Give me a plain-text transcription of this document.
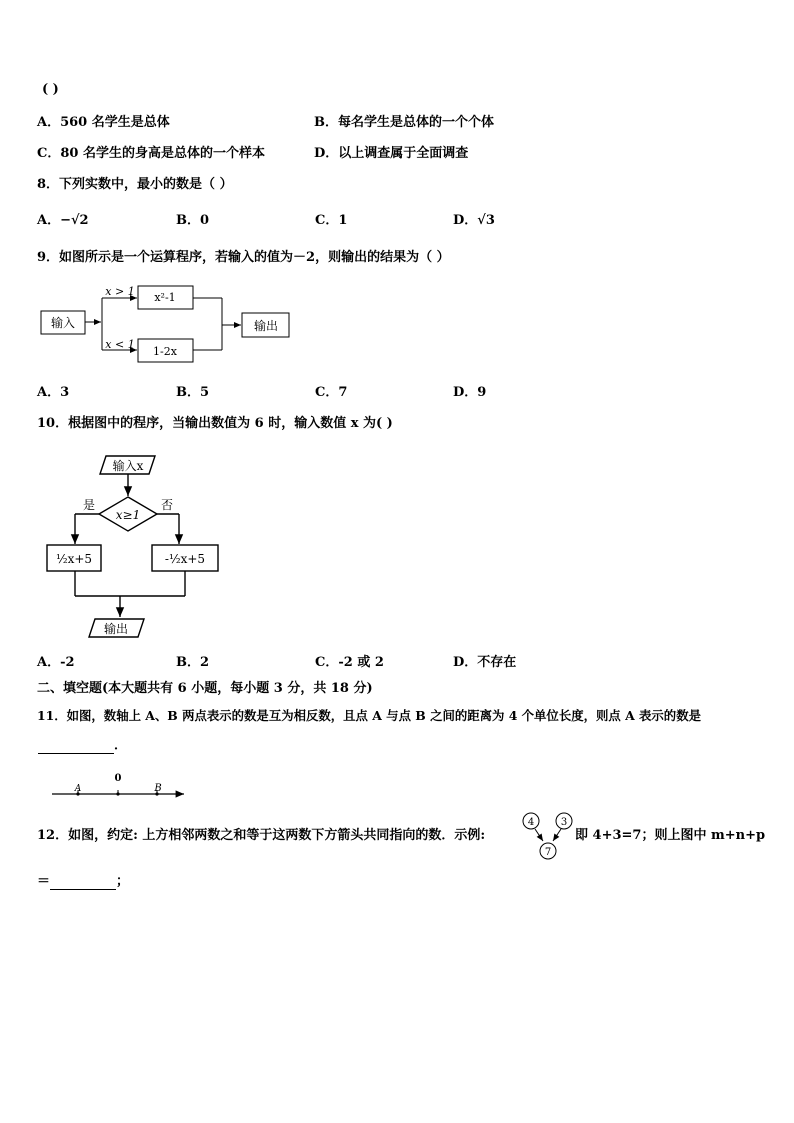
( )
A．560 名学生是总体	B．每名学生是总体的一个个体
C．80 名学生的身高是总体的一个样本	D．以上调查属于全面调查
8．下列实数中，最小的数是（ ）
A．−√2	B．0	C．1	D．√3
9．如图所示是一个运算程序，若输入的值为－2，则输出的结果为（ ）
输入
x > 1
x < 1
x²-1
1-2x
输出
输入x
x≥1
是	否
½x+5	-½x+5
输出
A
0
B
4	3
7
A．3	B．5	C．7	D．9
10．根据图中的程序，当输出数值为 6 时，输入数值 x 为( )
A．-2	B．2	C．-2 或 2	D．不存在
二、填空题(本大题共有 6 小题，每小题 3 分，共 18 分)
11．如图，数轴上 A、B 两点表示的数是互为相反数，且点 A 与点 B 之间的距离为 4 个单位长度，则点 A 表示的数是
．
12．如图，约定: 上方相邻两数之和等于这两数下方箭头共同指向的数．示例:	即 4+3=7；则上图中 m+n+p
＝	；
